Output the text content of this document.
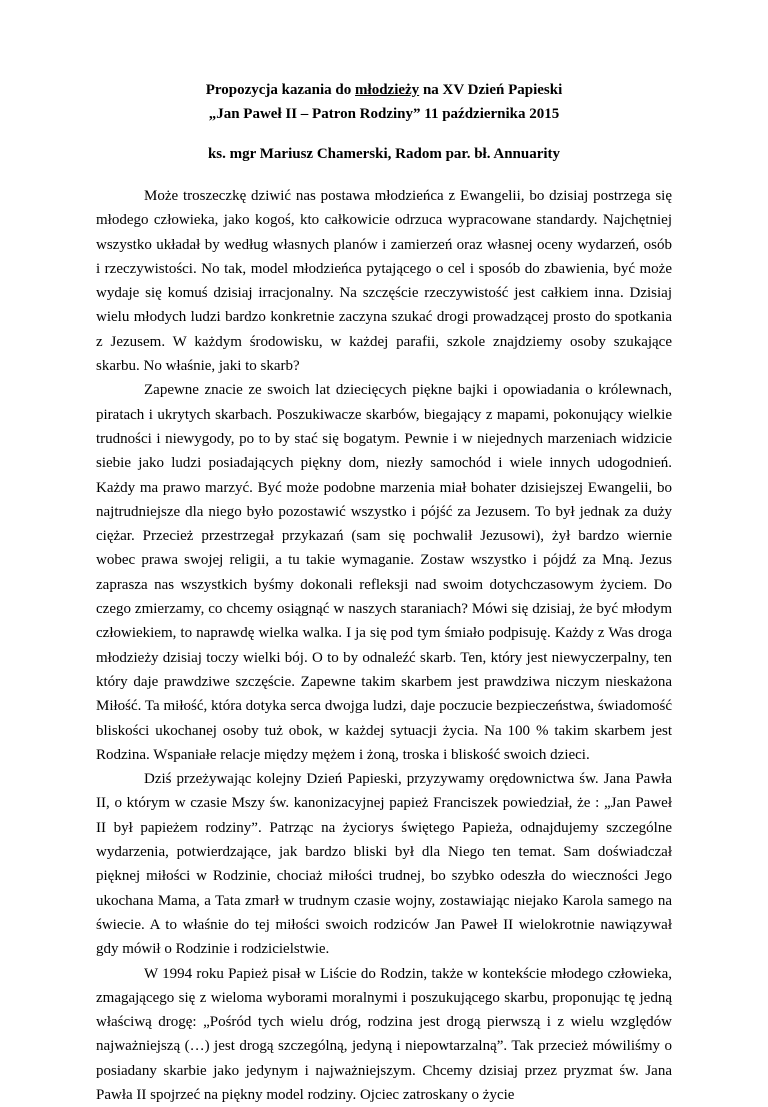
Propozycja kazania do młodzieży na XV Dzień Papieski
„Jan Paweł II – Patron Rodziny” 11 października 2015
ks. mgr Mariusz Chamerski, Radom par. bł. Annuarity

Może troszeczkę dziwić nas postawa młodzieńca z Ewangelii, bo dzisiaj postrzega się młodego człowieka, jako kogoś, kto całkowicie odrzuca wypracowane standardy. Najchętniej wszystko układał by według własnych planów i zamierzeń oraz własnej oceny wydarzeń, osób i rzeczywistości. No tak, model młodzieńca pytającego o cel i sposób do zbawienia, być może wydaje się komuś dzisiaj irracjonalny. Na szczęście rzeczywistość jest całkiem inna. Dzisiaj wielu młodych ludzi bardzo konkretnie zaczyna szukać drogi prowadzącej prosto do spotkania z Jezusem. W każdym środowisku, w każdej parafii, szkole znajdziemy osoby szukające skarbu. No właśnie, jaki to skarb?

Zapewne znacie ze swoich lat dziecięcych piękne bajki i opowiadania o królewnach, piratach i ukrytych skarbach. Poszukiwacze skarbów, biegający z mapami, pokonujący wielkie trudności i niewygody, po to by stać się bogatym. Pewnie i w niejednych marzeniach widzicie siebie jako ludzi posiadających piękny dom, niezły samochód i wiele innych udogodnień. Każdy ma prawo marzyć. Być może podobne marzenia miał bohater dzisiejszej Ewangelii, bo najtrudniejsze dla niego było pozostawić wszystko i pójść za Jezusem. To był jednak za duży ciężar. Przecież przestrzegał przykazań (sam się pochwalił Jezusowi), żył bardzo wiernie wobec prawa swojej religii, a tu takie wymaganie. Zostaw wszystko i pójdź za Mną. Jezus zaprasza nas wszystkich byśmy dokonali refleksji nad swoim dotychczasowym życiem. Do czego zmierzamy, co chcemy osiągnąć w naszych staraniach? Mówi się dzisiaj, że być młodym człowiekiem, to naprawdę wielka walka. I ja się pod tym śmiało podpisuję. Każdy z Was droga młodzieży dzisiaj toczy wielki bój. O to by odnaleźć skarb. Ten, który jest niewyczerpalny, ten który daje prawdziwe szczęście. Zapewne takim skarbem jest prawdziwa niczym nieskażona Miłość. Ta miłość, która dotyka serca dwojga ludzi, daje poczucie bezpieczeństwa, świadomość bliskości ukochanej osoby tuż obok, w każdej sytuacji życia. Na 100 % takim skarbem jest Rodzina. Wspaniałe relacje między mężem i żoną, troska i bliskość swoich dzieci.

Dziś przeżywając kolejny Dzień Papieski, przyzywamy orędownictwa św. Jana Pawła II, o którym w czasie Mszy św. kanonizacyjnej papież Franciszek powiedział, że : „Jan Paweł II był papieżem rodziny”. Patrząc na życiorys świętego Papieża, odnajdujemy szczególne wydarzenia, potwierdzające, jak bardzo bliski był dla Niego ten temat. Sam doświadczał pięknej miłości w Rodzinie, chociaż miłości trudnej, bo szybko odeszła do wieczności Jego ukochana Mama, a Tata zmarł w trudnym czasie wojny, zostawiając niejako Karola samego na świecie. A to właśnie do tej miłości swoich rodziców Jan Paweł II wielokrotnie nawiązywał gdy mówił o Rodzinie i rodzicielstwie.

W 1994 roku Papież pisał w Liście do Rodzin, także w kontekście młodego człowieka, zmagającego się z wieloma wyborami moralnymi i poszukującego skarbu, proponując tę jedną właściwą drogę: „Pośród tych wielu dróg, rodzina jest drogą pierwszą i z wielu względów najważniejszą (…) jest drogą szczególną, jedyną i niepowtarzalną”. Tak przecież mówiliśmy o posiadany skarbie jako jedynym i najważniejszym. Chcemy dzisiaj przez pryzmat św. Jana Pawła II spojrzeć na piękny model rodziny. Ojciec zatroskany o życie
